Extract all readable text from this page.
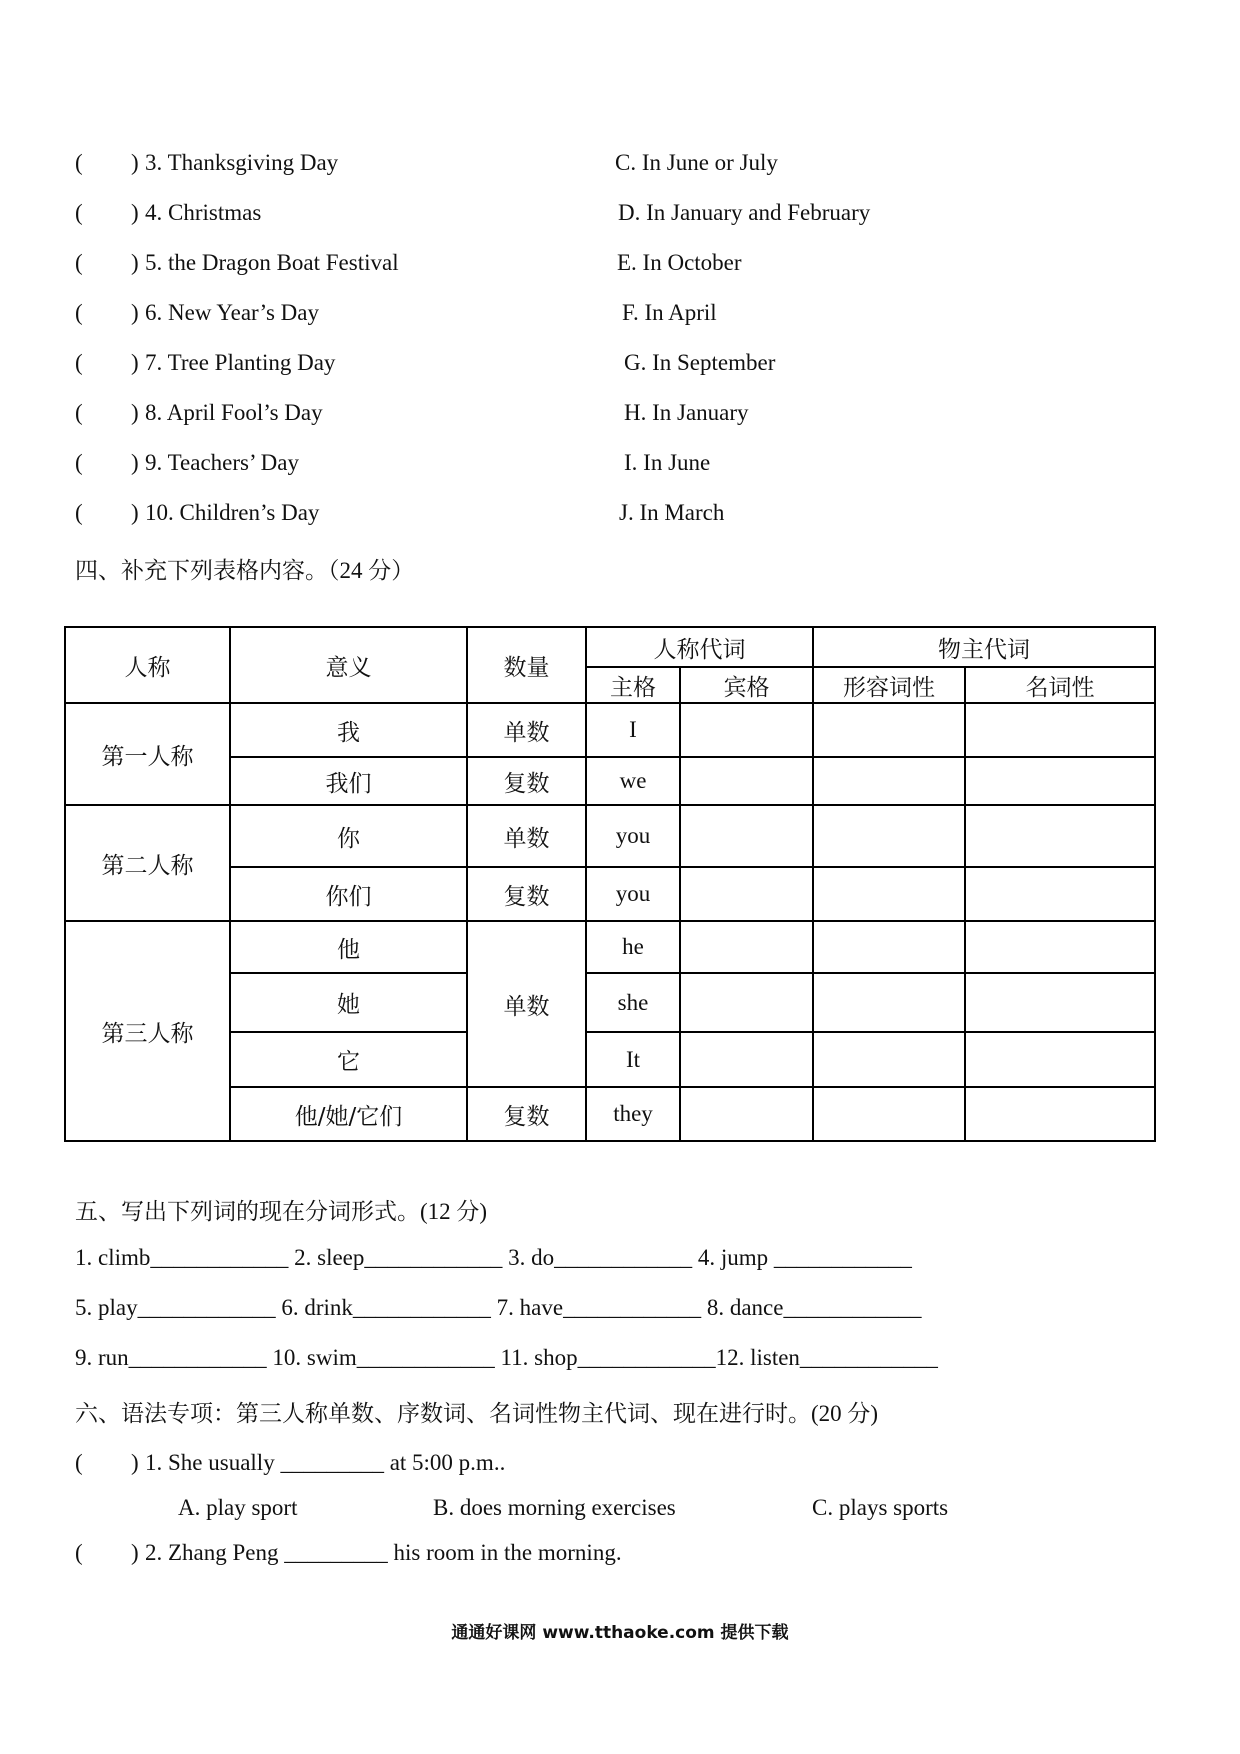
( ) 3. Thanksgiving Day	C. In June or July
( ) 4. Christmas	D. In January and February
( ) 5. the Dragon Boat Festival	E. In October
( ) 6. New Year’s Day	F. In April
( ) 7. Tree Planting Day	G. In September
( ) 8. April Fool’s Day	H. In January
( ) 9. Teachers’ Day	I. In June
( ) 10. Children’s Day	J. In March
四、补充下列表格内容。（24 分）
人称	意义	数量	人称代词		物主代词	
			主格	宾格	形容词性	名词性
第一人称	我	单数	I			
	我们	复数	we			
第二人称	你	单数	you			
	你们	复数	you			
第三人称	他	单数	he			
	她		she			
	它		It			
	他/她/它们	复数	they			
五、写出下列词的现在分词形式。(12 分)
1. climb____________ 2. sleep____________ 3. do____________ 4. jump ____________
5. play____________ 6. drink____________ 7. have____________ 8. dance____________
9. run____________ 10. swim____________ 11. shop____________12. listen____________
六、语法专项：第三人称单数、序数词、名词性物主代词、现在进行时。(20 分)
( ) 1. She usually _________ at 5:00 p.m..
A. play sport	B. does morning exercises	C. plays sports
( ) 2. Zhang Peng _________ his room in the morning.
通通好课网 www.tthaoke.com 提供下载
